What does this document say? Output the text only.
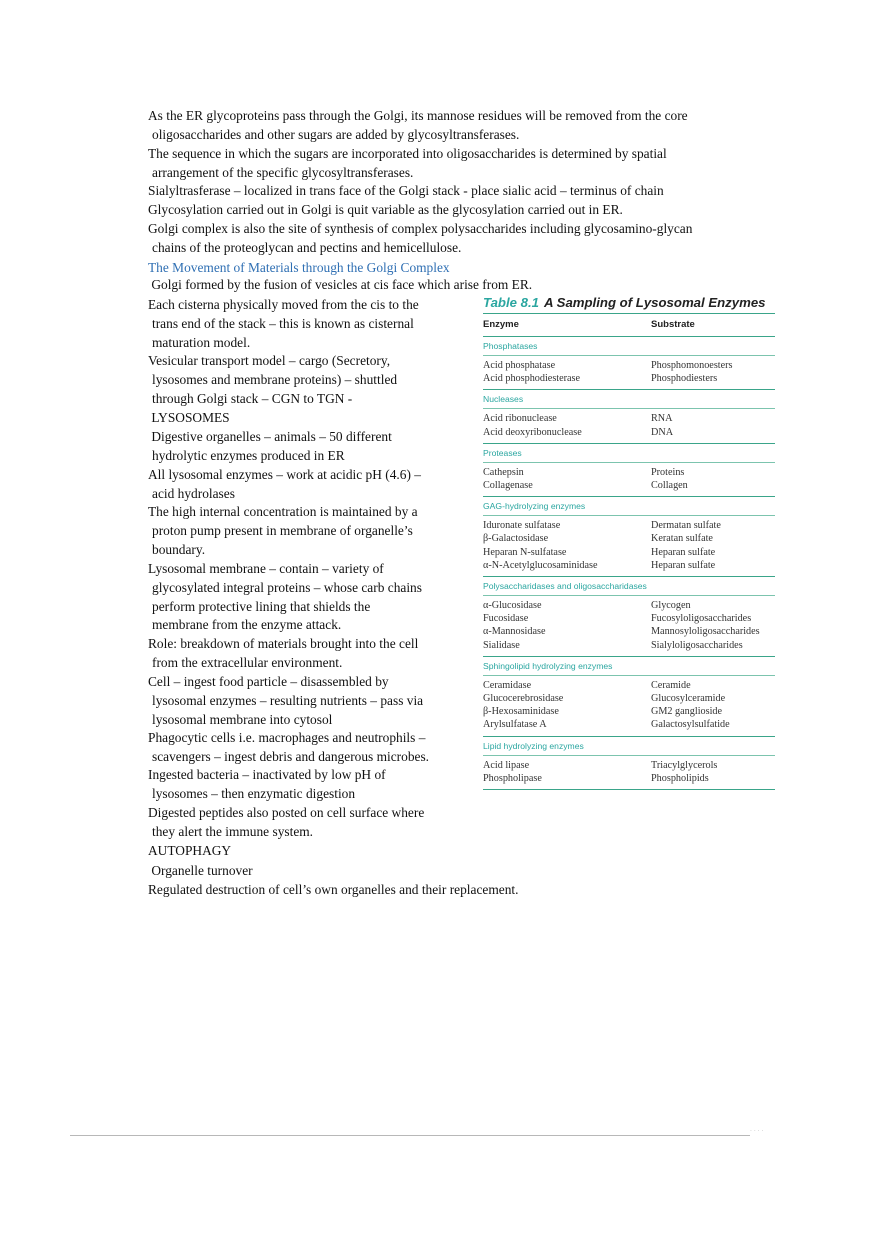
As the ER glycoproteins pass through the Golgi, its mannose residues will be removed from the core
oligosaccharides and other sugars are added by glycosyltransferases.

The sequence in which the sugars are incorporated into oligosaccharides is determined by spatial
arrangement of the specific glycosyltransferases.

Sialyltrasferase – localized in trans face of the Golgi stack - place sialic acid – terminus of chain

Glycosylation carried out in Golgi is quit variable as the glycosylation carried out in ER.

Golgi complex is also the site of synthesis of complex polysaccharides including glycosamino-glycan
chains of the proteoglycan and pectins and hemicellulose.

The Movement of Materials through the Golgi Complex

Golgi formed by the fusion of vesicles at cis face which arise from ER.

Each cisterna physically moved from the cis to the
trans end of the stack – this is known as cisternal
maturation model.

Vesicular transport model – cargo (Secretory,
lysosomes and membrane proteins) – shuttled
through Golgi stack – CGN to TGN -

LYSOSOMES

Digestive organelles – animals – 50 different
hydrolytic enzymes produced in ER

All lysosomal enzymes – work at acidic pH (4.6) –
acid hydrolases

The high internal concentration is maintained by a
proton pump present in membrane of organelle’s
boundary.

Lysosomal membrane – contain – variety of
glycosylated integral proteins – whose carb chains
perform protective lining that shields the
membrane from the enzyme attack.

Role: breakdown of materials brought into the cell
from the extracellular environment.

Cell – ingest food particle – disassembled by
lysosomal enzymes – resulting nutrients – pass via
lysosomal membrane into cytosol

Phagocytic cells i.e. macrophages and neutrophils –
scavengers – ingest debris and dangerous microbes.

Ingested bacteria – inactivated by low pH of
lysosomes – then enzymatic digestion

Digested peptides also posted on cell surface where
they alert the immune system.

AUTOPHAGY

Organelle turnover

Regulated destruction of cell’s own organelles and their replacement.

Table 8.1 A Sampling of Lysosomal Enzymes
Enzyme	Substrate
Phosphatases
Acid phosphatase	Phosphomonoesters
Acid phosphodiesterase	Phosphodiesters
Nucleases
Acid ribonuclease	RNA
Acid deoxyribonuclease	DNA
Proteases
Cathepsin	Proteins
Collagenase	Collagen
GAG-hydrolyzing enzymes
Iduronate sulfatase	Dermatan sulfate
β-Galactosidase	Keratan sulfate
Heparan N-sulfatase	Heparan sulfate
α-N-Acetylglucosaminidase	Heparan sulfate
Polysaccharidases and oligosaccharidases
α-Glucosidase	Glycogen
Fucosidase	Fucosyloligosaccharides
α-Mannosidase	Mannosyloligosaccharides
Sialidase	Sialyloligosaccharides
Sphingolipid hydrolyzing enzymes
Ceramidase	Ceramide
Glucocerebrosidase	Glucosylceramide
β-Hexosaminidase	GM2 ganglioside
Arylsulfatase A	Galactosylsulfatide
Lipid hydrolyzing enzymes
Acid lipase	Triacylglycerols
Phospholipase	Phospholipids
· · · ·
